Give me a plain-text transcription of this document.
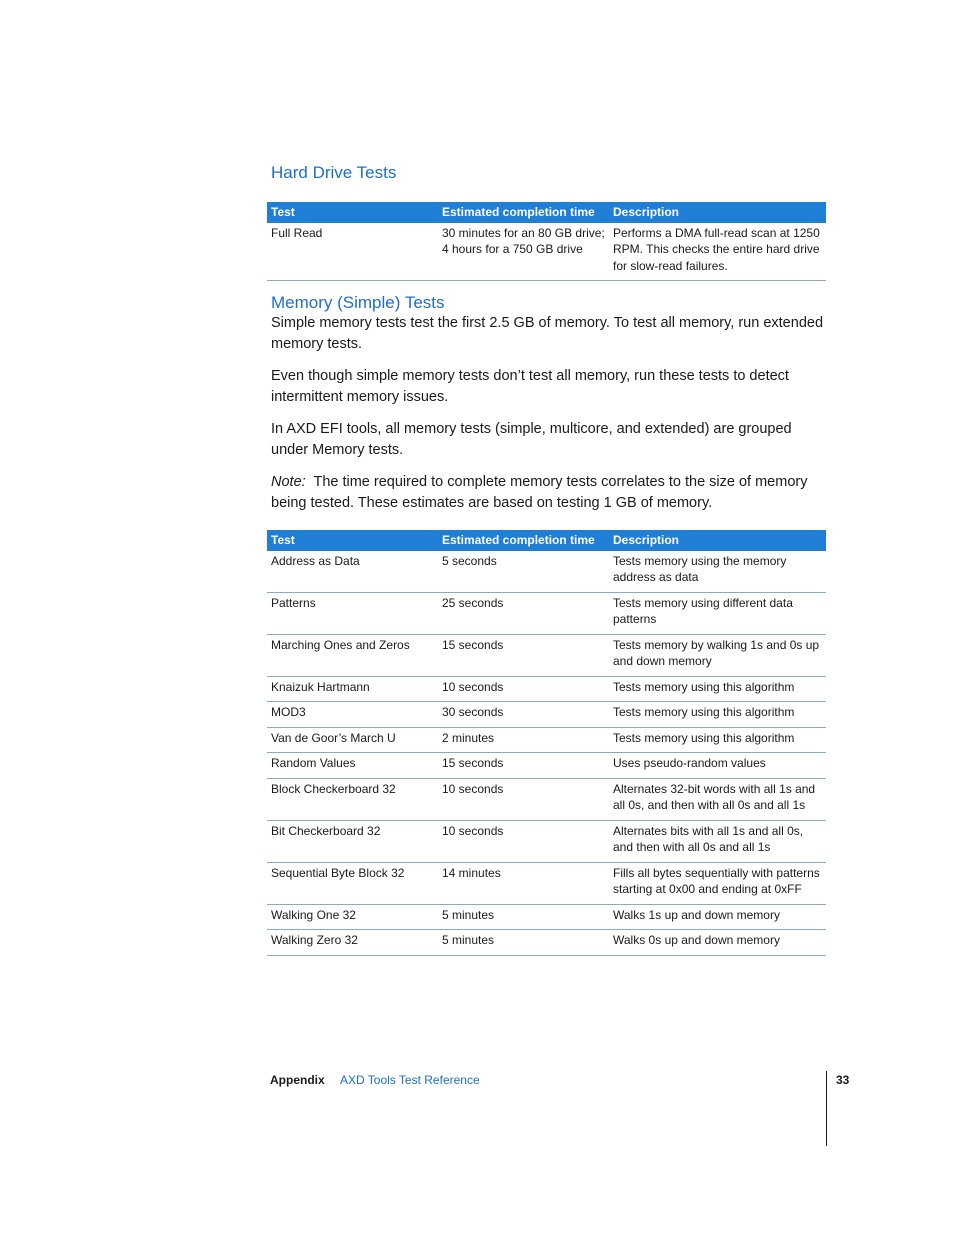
Hard Drive Tests
Test	Estimated completion time	Description
Full Read	30 minutes for an 80 GB drive; 4 hours for a 750 GB drive	Performs a DMA full-read scan at 1250 RPM. This checks the entire hard drive for slow-read failures.
Memory (Simple) Tests

Simple memory tests test the first 2.5 GB of memory. To test all memory, run extended memory tests.

Even though simple memory tests don’t test all memory, run these tests to detect intermittent memory issues.

In AXD EFI tools, all memory tests (simple, multicore, and extended) are grouped under Memory tests.

Note: The time required to complete memory tests correlates to the size of memory being tested. These estimates are based on testing 1 GB of memory.

Test	Estimated completion time	Description
Address as Data	5 seconds	Tests memory using the memory address as data
Patterns	25 seconds	Tests memory using different data patterns
Marching Ones and Zeros	15 seconds	Tests memory by walking 1s and 0s up and down memory
Knaizuk Hartmann	10 seconds	Tests memory using this algorithm
MOD3	30 seconds	Tests memory using this algorithm
Van de Goor’s March U	2 minutes	Tests memory using this algorithm
Random Values	15 seconds	Uses pseudo-random values
Block Checkerboard 32	10 seconds	Alternates 32-bit words with all 1s and all 0s, and then with all 0s and all 1s
Bit Checkerboard 32	10 seconds	Alternates bits with all 1s and all 0s, and then with all 0s and all 1s
Sequential Byte Block 32	14 minutes	Fills all bytes sequentially with patterns starting at 0x00 and ending at 0xFF
Walking One 32	5 minutes	Walks 1s up and down memory
Walking Zero 32	5 minutes	Walks 0s up and down memory
Appendix AXD Tools Test Reference	33
